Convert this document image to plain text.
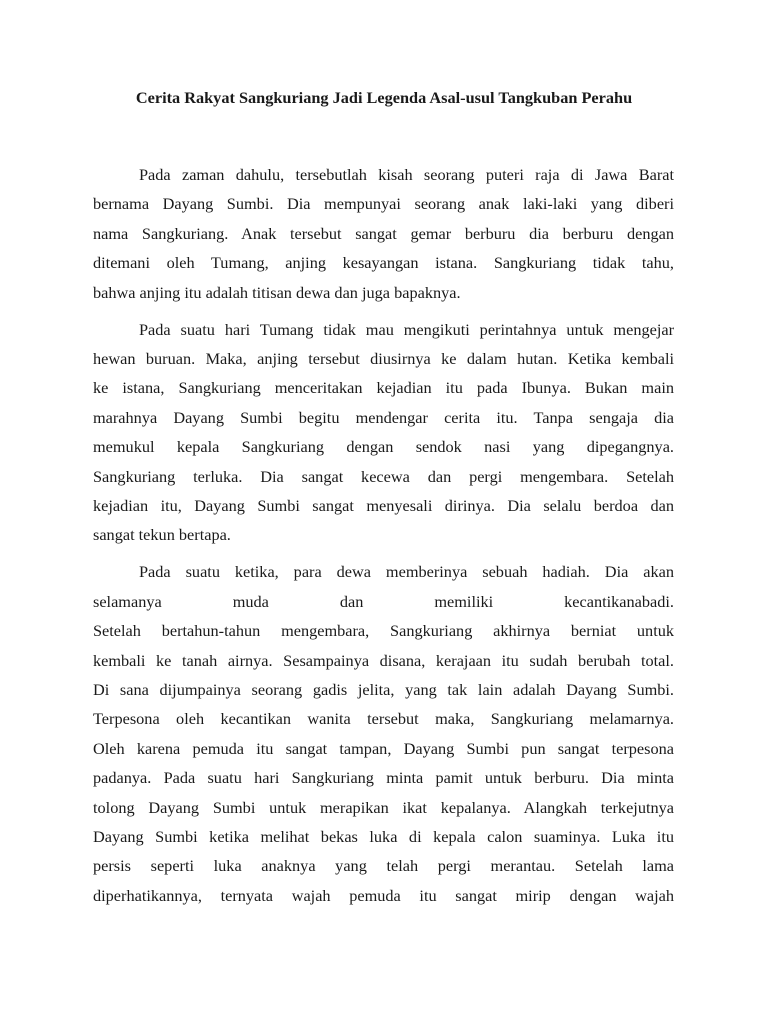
Cerita Rakyat Sangkuriang Jadi Legenda Asal-usul Tangkuban Perahu
Pada zaman dahulu, tersebutlah kisah seorang puteri raja di Jawa Barat
bernama Dayang Sumbi. Dia mempunyai seorang anak laki-laki yang diberi
nama Sangkuriang. Anak tersebut sangat gemar berburu dia berburu dengan
ditemani oleh Tumang, anjing kesayangan istana. Sangkuriang tidak tahu,
bahwa anjing itu adalah titisan dewa dan juga bapaknya.
Pada suatu hari Tumang tidak mau mengikuti perintahnya untuk mengejar
hewan buruan. Maka, anjing tersebut diusirnya ke dalam hutan. Ketika kembali
ke istana, Sangkuriang menceritakan kejadian itu pada Ibunya. Bukan main
marahnya Dayang Sumbi begitu mendengar cerita itu. Tanpa sengaja dia
memukul kepala Sangkuriang dengan sendok nasi yang dipegangnya.
Sangkuriang terluka. Dia sangat kecewa dan pergi mengembara. Setelah
kejadian itu, Dayang Sumbi sangat menyesali dirinya. Dia selalu berdoa dan
sangat tekun bertapa.
Pada suatu ketika, para dewa memberinya sebuah hadiah. Dia akan
selamanya muda dan memiliki kecantikanabadi.
Setelah bertahun-tahun mengembara, Sangkuriang akhirnya berniat untuk
kembali ke tanah airnya. Sesampainya disana, kerajaan itu sudah berubah total.
Di sana dijumpainya seorang gadis jelita, yang tak lain adalah Dayang Sumbi.
Terpesona oleh kecantikan wanita tersebut maka, Sangkuriang melamarnya.
Oleh karena pemuda itu sangat tampan, Dayang Sumbi pun sangat terpesona
padanya. Pada suatu hari Sangkuriang minta pamit untuk berburu. Dia minta
tolong Dayang Sumbi untuk merapikan ikat kepalanya. Alangkah terkejutnya
Dayang Sumbi ketika melihat bekas luka di kepala calon suaminya. Luka itu
persis seperti luka anaknya yang telah pergi merantau. Setelah lama
diperhatikannya, ternyata wajah pemuda itu sangat mirip dengan wajah
